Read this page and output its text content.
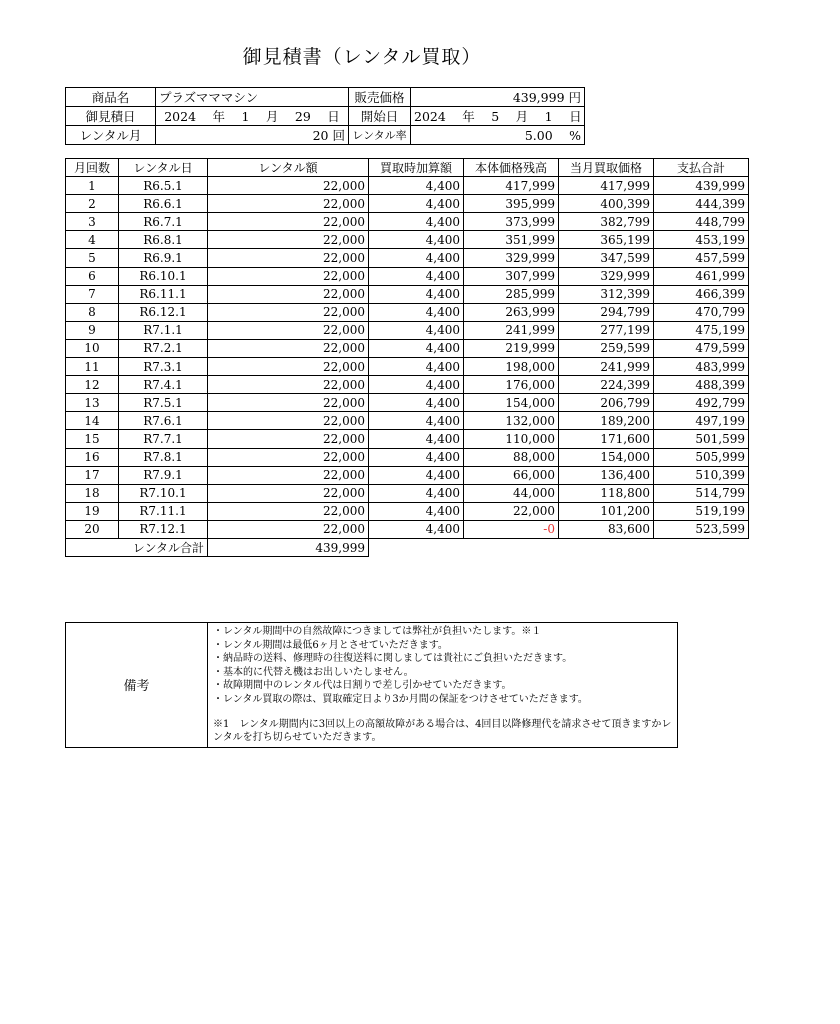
御見積書（レンタル買取）
商品名	プラズマママシン	販売価格	439,999 円
御見積日	2024　 年　 1　 月　 29　 日	開始日	2024　 年　 5　 月　 1　 日
レンタル月	20 回	レンタル率	5.00　 %
月回数	レンタル日	レンタル額	買取時加算額	本体価格残高	当月買取価格	支払合計
1	R6.5.1	22,000	4,400	417,999	417,999	439,999
2	R6.6.1	22,000	4,400	395,999	400,399	444,399
3	R6.7.1	22,000	4,400	373,999	382,799	448,799
4	R6.8.1	22,000	4,400	351,999	365,199	453,199
5	R6.9.1	22,000	4,400	329,999	347,599	457,599
6	R6.10.1	22,000	4,400	307,999	329,999	461,999
7	R6.11.1	22,000	4,400	285,999	312,399	466,399
8	R6.12.1	22,000	4,400	263,999	294,799	470,799
9	R7.1.1	22,000	4,400	241,999	277,199	475,199
10	R7.2.1	22,000	4,400	219,999	259,599	479,599
11	R7.3.1	22,000	4,400	198,000	241,999	483,999
12	R7.4.1	22,000	4,400	176,000	224,399	488,399
13	R7.5.1	22,000	4,400	154,000	206,799	492,799
14	R7.6.1	22,000	4,400	132,000	189,200	497,199
15	R7.7.1	22,000	4,400	110,000	171,600	501,599
16	R7.8.1	22,000	4,400	88,000	154,000	505,999
17	R7.9.1	22,000	4,400	66,000	136,400	510,399
18	R7.10.1	22,000	4,400	44,000	118,800	514,799
19	R7.11.1	22,000	4,400	22,000	101,200	519,199
20	R7.12.1	22,000	4,400	-0	83,600	523,599
レンタル合計		439,999				
備考	
・レンタル期間中の自然故障につきましては弊社が負担いたします。※１
・レンタル期間は最低6ヶ月とさせていただきます。
・納品時の送料、修理時の往復送料に関しましては貴社にご負担いただきます。
・基本的に代替え機はお出しいたしません。
・故障期間中のレンタル代は日割りで差し引かせていただきます。
・レンタル買取の際は、買取確定日より3か月間の保証をつけさせていただきます。
※1　レンタル期間内に3回以上の高額故障がある場合は、4回目以降修理代を請求させて頂きますかレンタルを打ち切らせていただきます。
